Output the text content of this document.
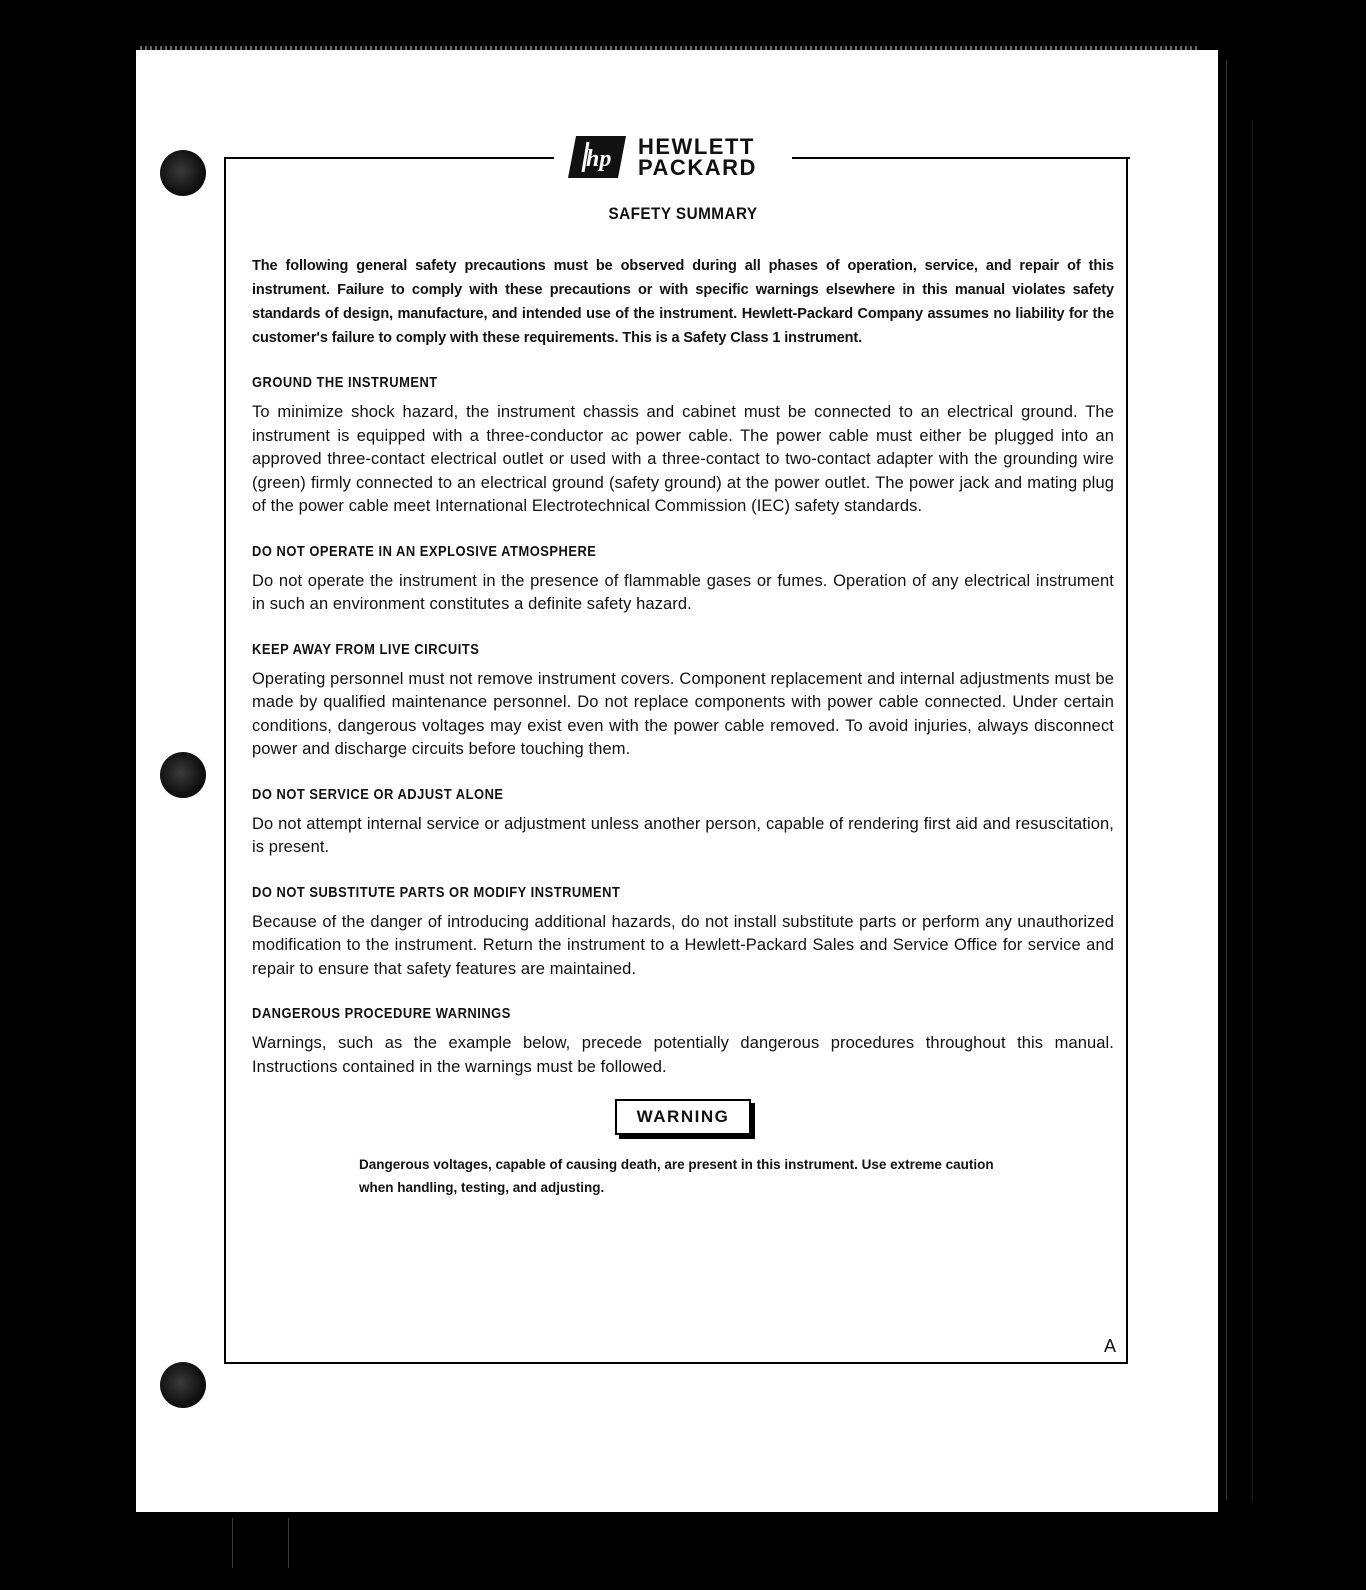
hp HEWLETT
PACKARD
SAFETY SUMMARY

The following general safety precautions must be observed during all phases of operation, service, and repair of this instrument. Failure to comply with these precautions or with specific warnings elsewhere in this manual violates safety standards of design, manufacture, and intended use of the instrument. Hewlett-Packard Company assumes no liability for the customer's failure to comply with these requirements. This is a Safety Class 1 instrument.

GROUND THE INSTRUMENT

To minimize shock hazard, the instrument chassis and cabinet must be connected to an electrical ground. The instrument is equipped with a three-conductor ac power cable. The power cable must either be plugged into an approved three-contact electrical outlet or used with a three-contact to two-contact adapter with the grounding wire (green) firmly connected to an electrical ground (safety ground) at the power outlet. The power jack and mating plug of the power cable meet International Electrotechnical Commission (IEC) safety standards.

DO NOT OPERATE IN AN EXPLOSIVE ATMOSPHERE

Do not operate the instrument in the presence of flammable gases or fumes. Operation of any electrical instrument in such an environment constitutes a definite safety hazard.

KEEP AWAY FROM LIVE CIRCUITS

Operating personnel must not remove instrument covers. Component replacement and internal adjustments must be made by qualified maintenance personnel. Do not replace components with power cable connected. Under certain conditions, dangerous voltages may exist even with the power cable removed. To avoid injuries, always disconnect power and discharge circuits before touching them.

DO NOT SERVICE OR ADJUST ALONE

Do not attempt internal service or adjustment unless another person, capable of rendering first aid and resuscitation, is present.

DO NOT SUBSTITUTE PARTS OR MODIFY INSTRUMENT

Because of the danger of introducing additional hazards, do not install substitute parts or perform any unauthorized modification to the instrument. Return the instrument to a Hewlett-Packard Sales and Service Office for service and repair to ensure that safety features are maintained.

DANGEROUS PROCEDURE WARNINGS

Warnings, such as the example below, precede potentially dangerous procedures throughout this manual. Instructions contained in the warnings must be followed.

WARNING
Dangerous voltages, capable of causing death, are present in this instrument. Use extreme caution when handling, testing, and adjusting.
A
